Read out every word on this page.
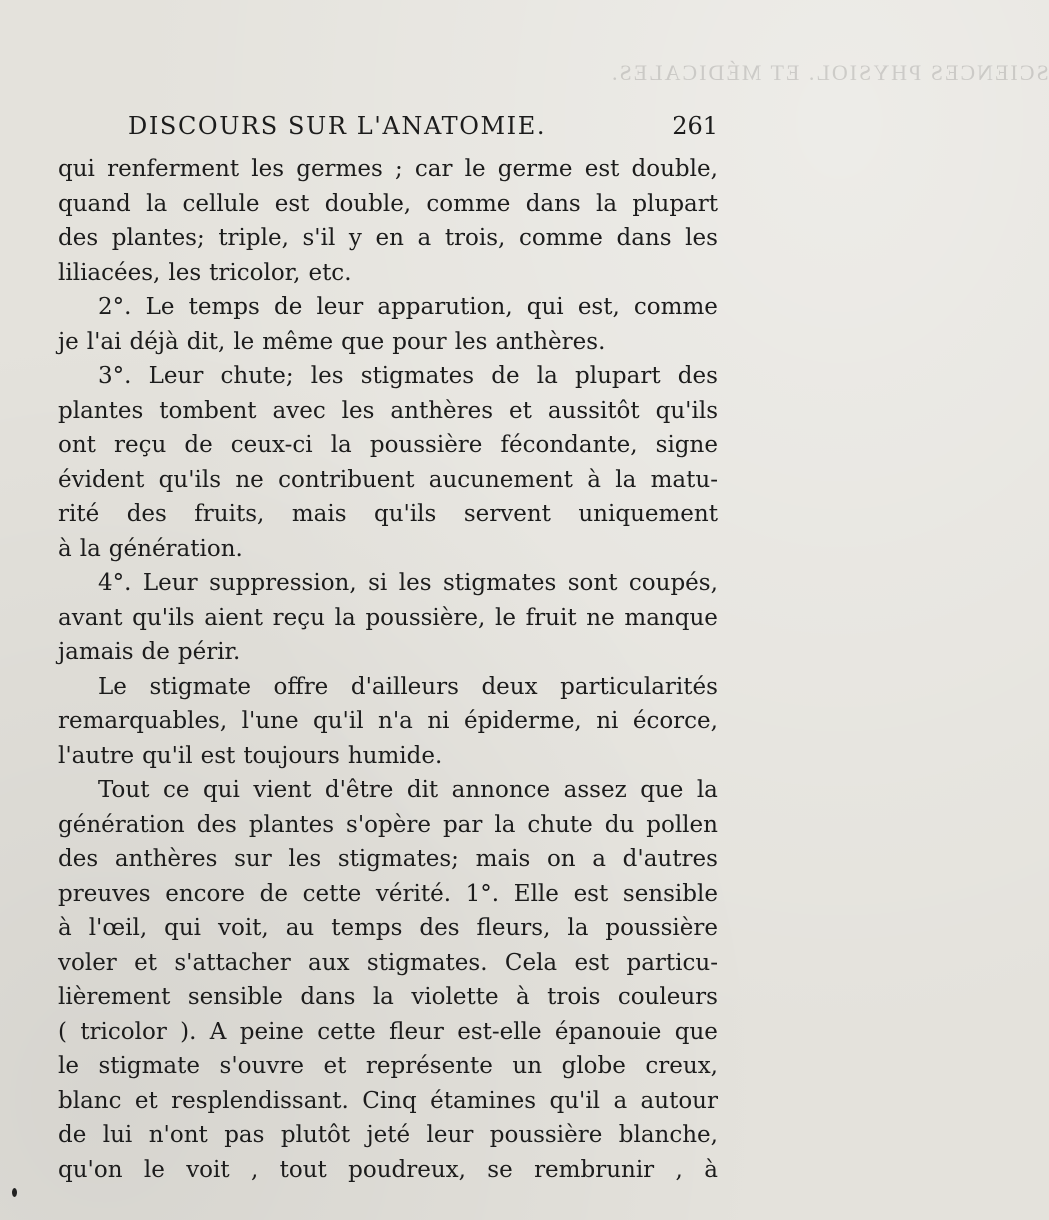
SCIENCES PHYSIOL. ET MÉDICALES.
DISCOURS SUR L'ANATOMIE.	261
qui renferment les germes ; car le germe est double,
quand la cellule est double, comme dans la plupart
des plantes; triple, s'il y en a trois, comme dans les
liliacées, les tricolor, etc.
2°. Le temps de leur apparution, qui est, comme
je l'ai déjà dit, le même que pour les anthères.
3°. Leur chute; les stigmates de la plupart des
plantes tombent avec les anthères et aussitôt qu'ils
ont reçu de ceux-ci la poussière fécondante, signe
évident qu'ils ne contribuent aucunement à la matu-
rité des fruits, mais qu'ils servent uniquement
à la génération.
4°. Leur suppression, si les stigmates sont coupés,
avant qu'ils aient reçu la poussière, le fruit ne manque
jamais de périr.
Le stigmate offre d'ailleurs deux particularités
remarquables, l'une qu'il n'a ni épiderme, ni écorce,
l'autre qu'il est toujours humide.
Tout ce qui vient d'être dit annonce assez que la
génération des plantes s'opère par la chute du pollen
des anthères sur les stigmates; mais on a d'autres
preuves encore de cette vérité. 1°. Elle est sensible
à l'œil, qui voit, au temps des fleurs, la poussière
voler et s'attacher aux stigmates. Cela est particu-
lièrement sensible dans la violette à trois couleurs
( tricolor ). A peine cette fleur est-elle épanouie que
le stigmate s'ouvre et représente un globe creux,
blanc et resplendissant. Cinq étamines qu'il a autour
de lui n'ont pas plutôt jeté leur poussière blanche,
qu'on le voit , tout poudreux, se rembrunir , à
